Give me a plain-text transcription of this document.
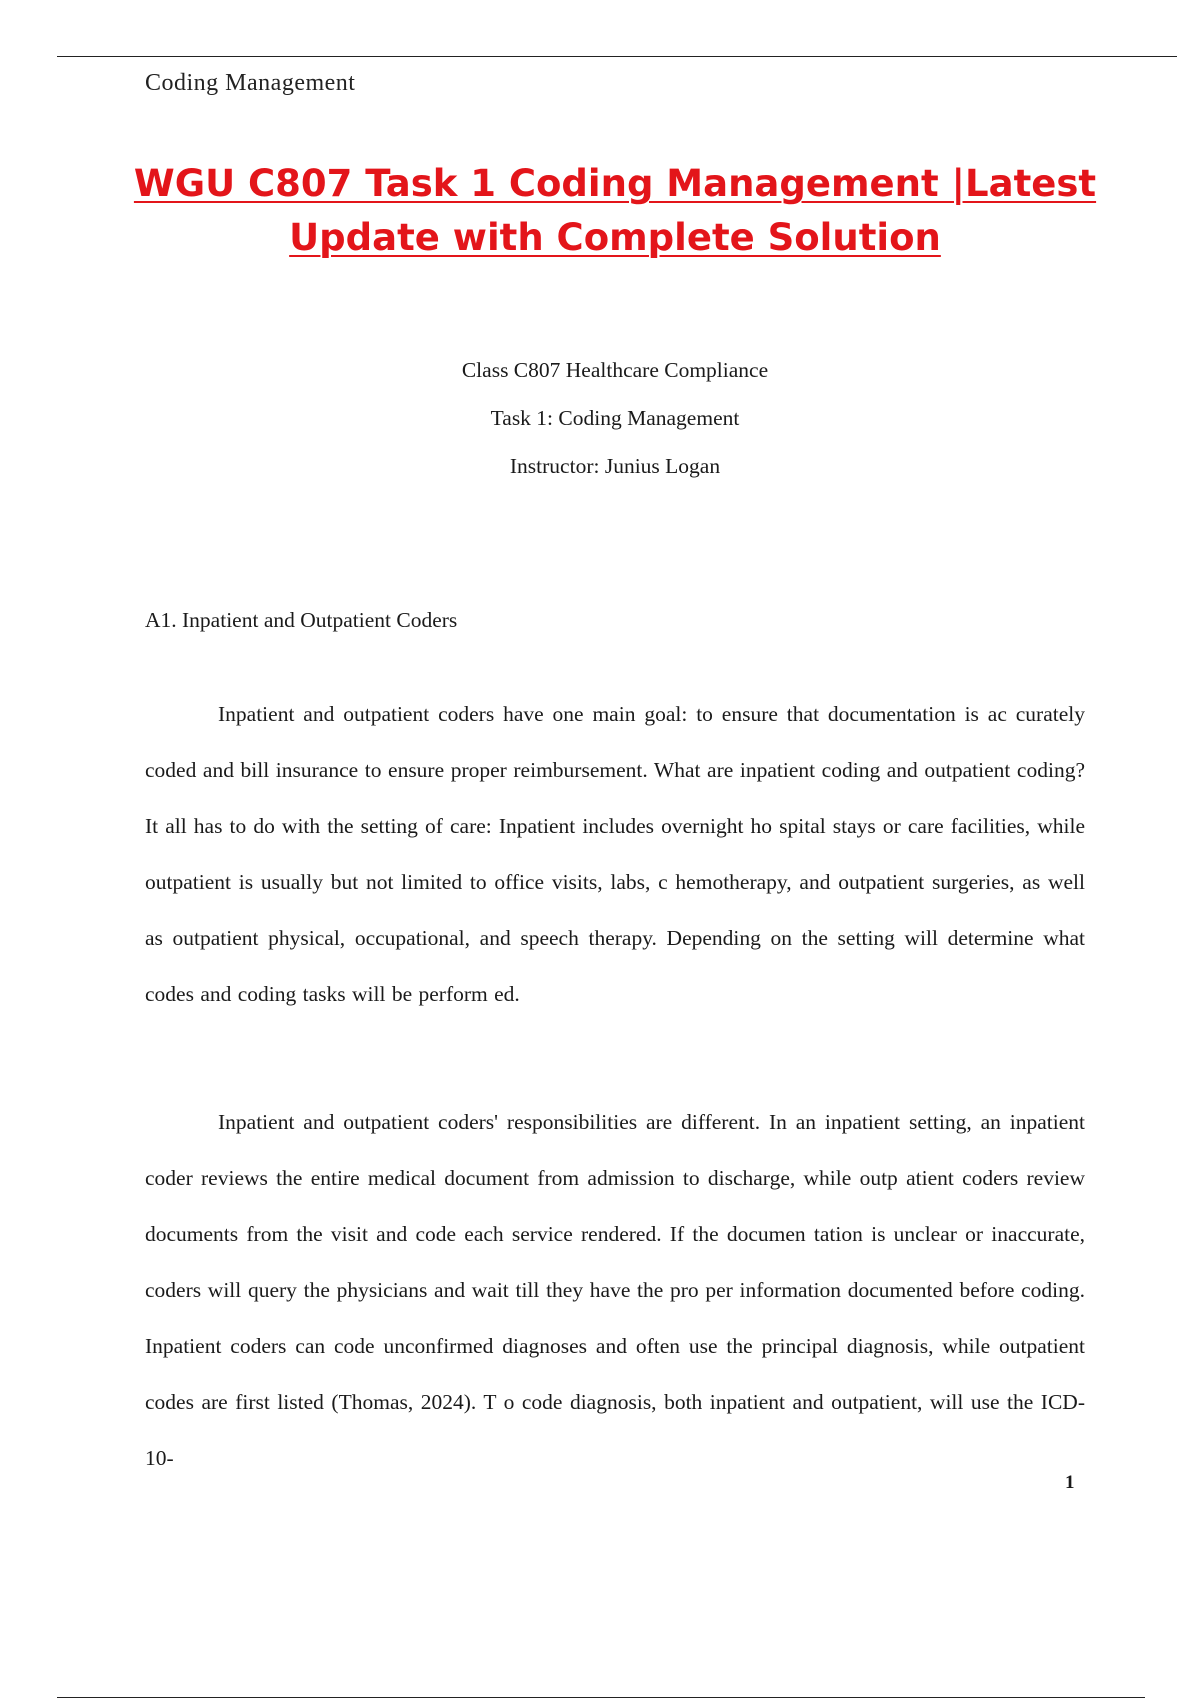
Coding Management
WGU C807 Task 1 Coding Management |Latest Update with Complete Solution
Class C807 Healthcare Compliance
Task 1: Coding Management
Instructor: Junius Logan
A1. Inpatient and Outpatient Coders

Inpatient and outpatient coders have one main goal: to ensure that documentation is ac curately coded and bill insurance to ensure proper reimbursement. What are inpatient coding and outpatient coding? It all has to do with the setting of care: Inpatient includes overnight ho spital stays or care facilities, while outpatient is usually but not limited to office visits, labs, c hemotherapy, and outpatient surgeries, as well as outpatient physical, occupational, and speech therapy. Depending on the setting will determine what codes and coding tasks will be perform ed.

Inpatient and outpatient coders' responsibilities are different. In an inpatient setting, an inpatient coder reviews the entire medical document from admission to discharge, while outp atient coders review documents from the visit and code each service rendered. If the documen tation is unclear or inaccurate, coders will query the physicians and wait till they have the pro per information documented before coding. Inpatient coders can code unconfirmed diagnoses and often use the principal diagnosis, while outpatient codes are first listed (Thomas, 2024). T o code diagnosis, both inpatient and outpatient, will use the ICD-10-

1
